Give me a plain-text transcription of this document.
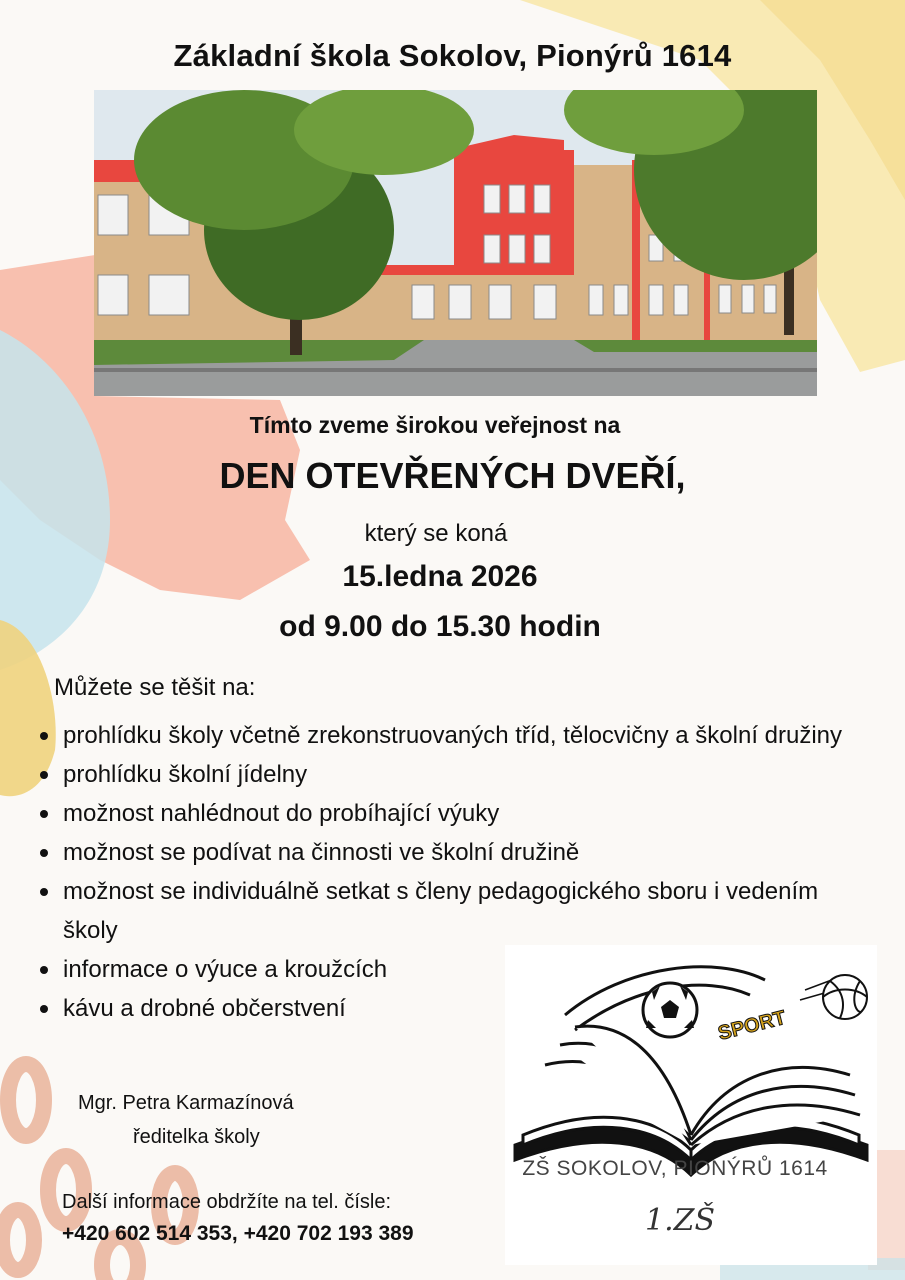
Základní škola Sokolov, Pionýrů 1614
Tímto zveme širokou veřejnost na
DEN OTEVŘENÝCH DVEŘÍ,
který se koná
15.ledna 2026
od 9.00 do 15.30 hodin
Můžete se těšit na:
prohlídku školy včetně zrekonstruovaných tříd, tělocvičny a školní družiny
prohlídku školní jídelny
možnost nahlédnout do probíhající výuky
možnost se podívat na činnosti ve školní družině
možnost se individuálně setkat s členy pedagogického sboru i vedením školy
informace o výuce a kroužcích
kávu a drobné občerstvení
Mgr. Petra Karmazínová
ředitelka školy
Další informace obdržíte na tel. čísle:
+420 602 514 353, +420 702 193 389
SPORT
1.ZŠ
ZŠ SOKOLOV, PIONÝRŮ 1614
